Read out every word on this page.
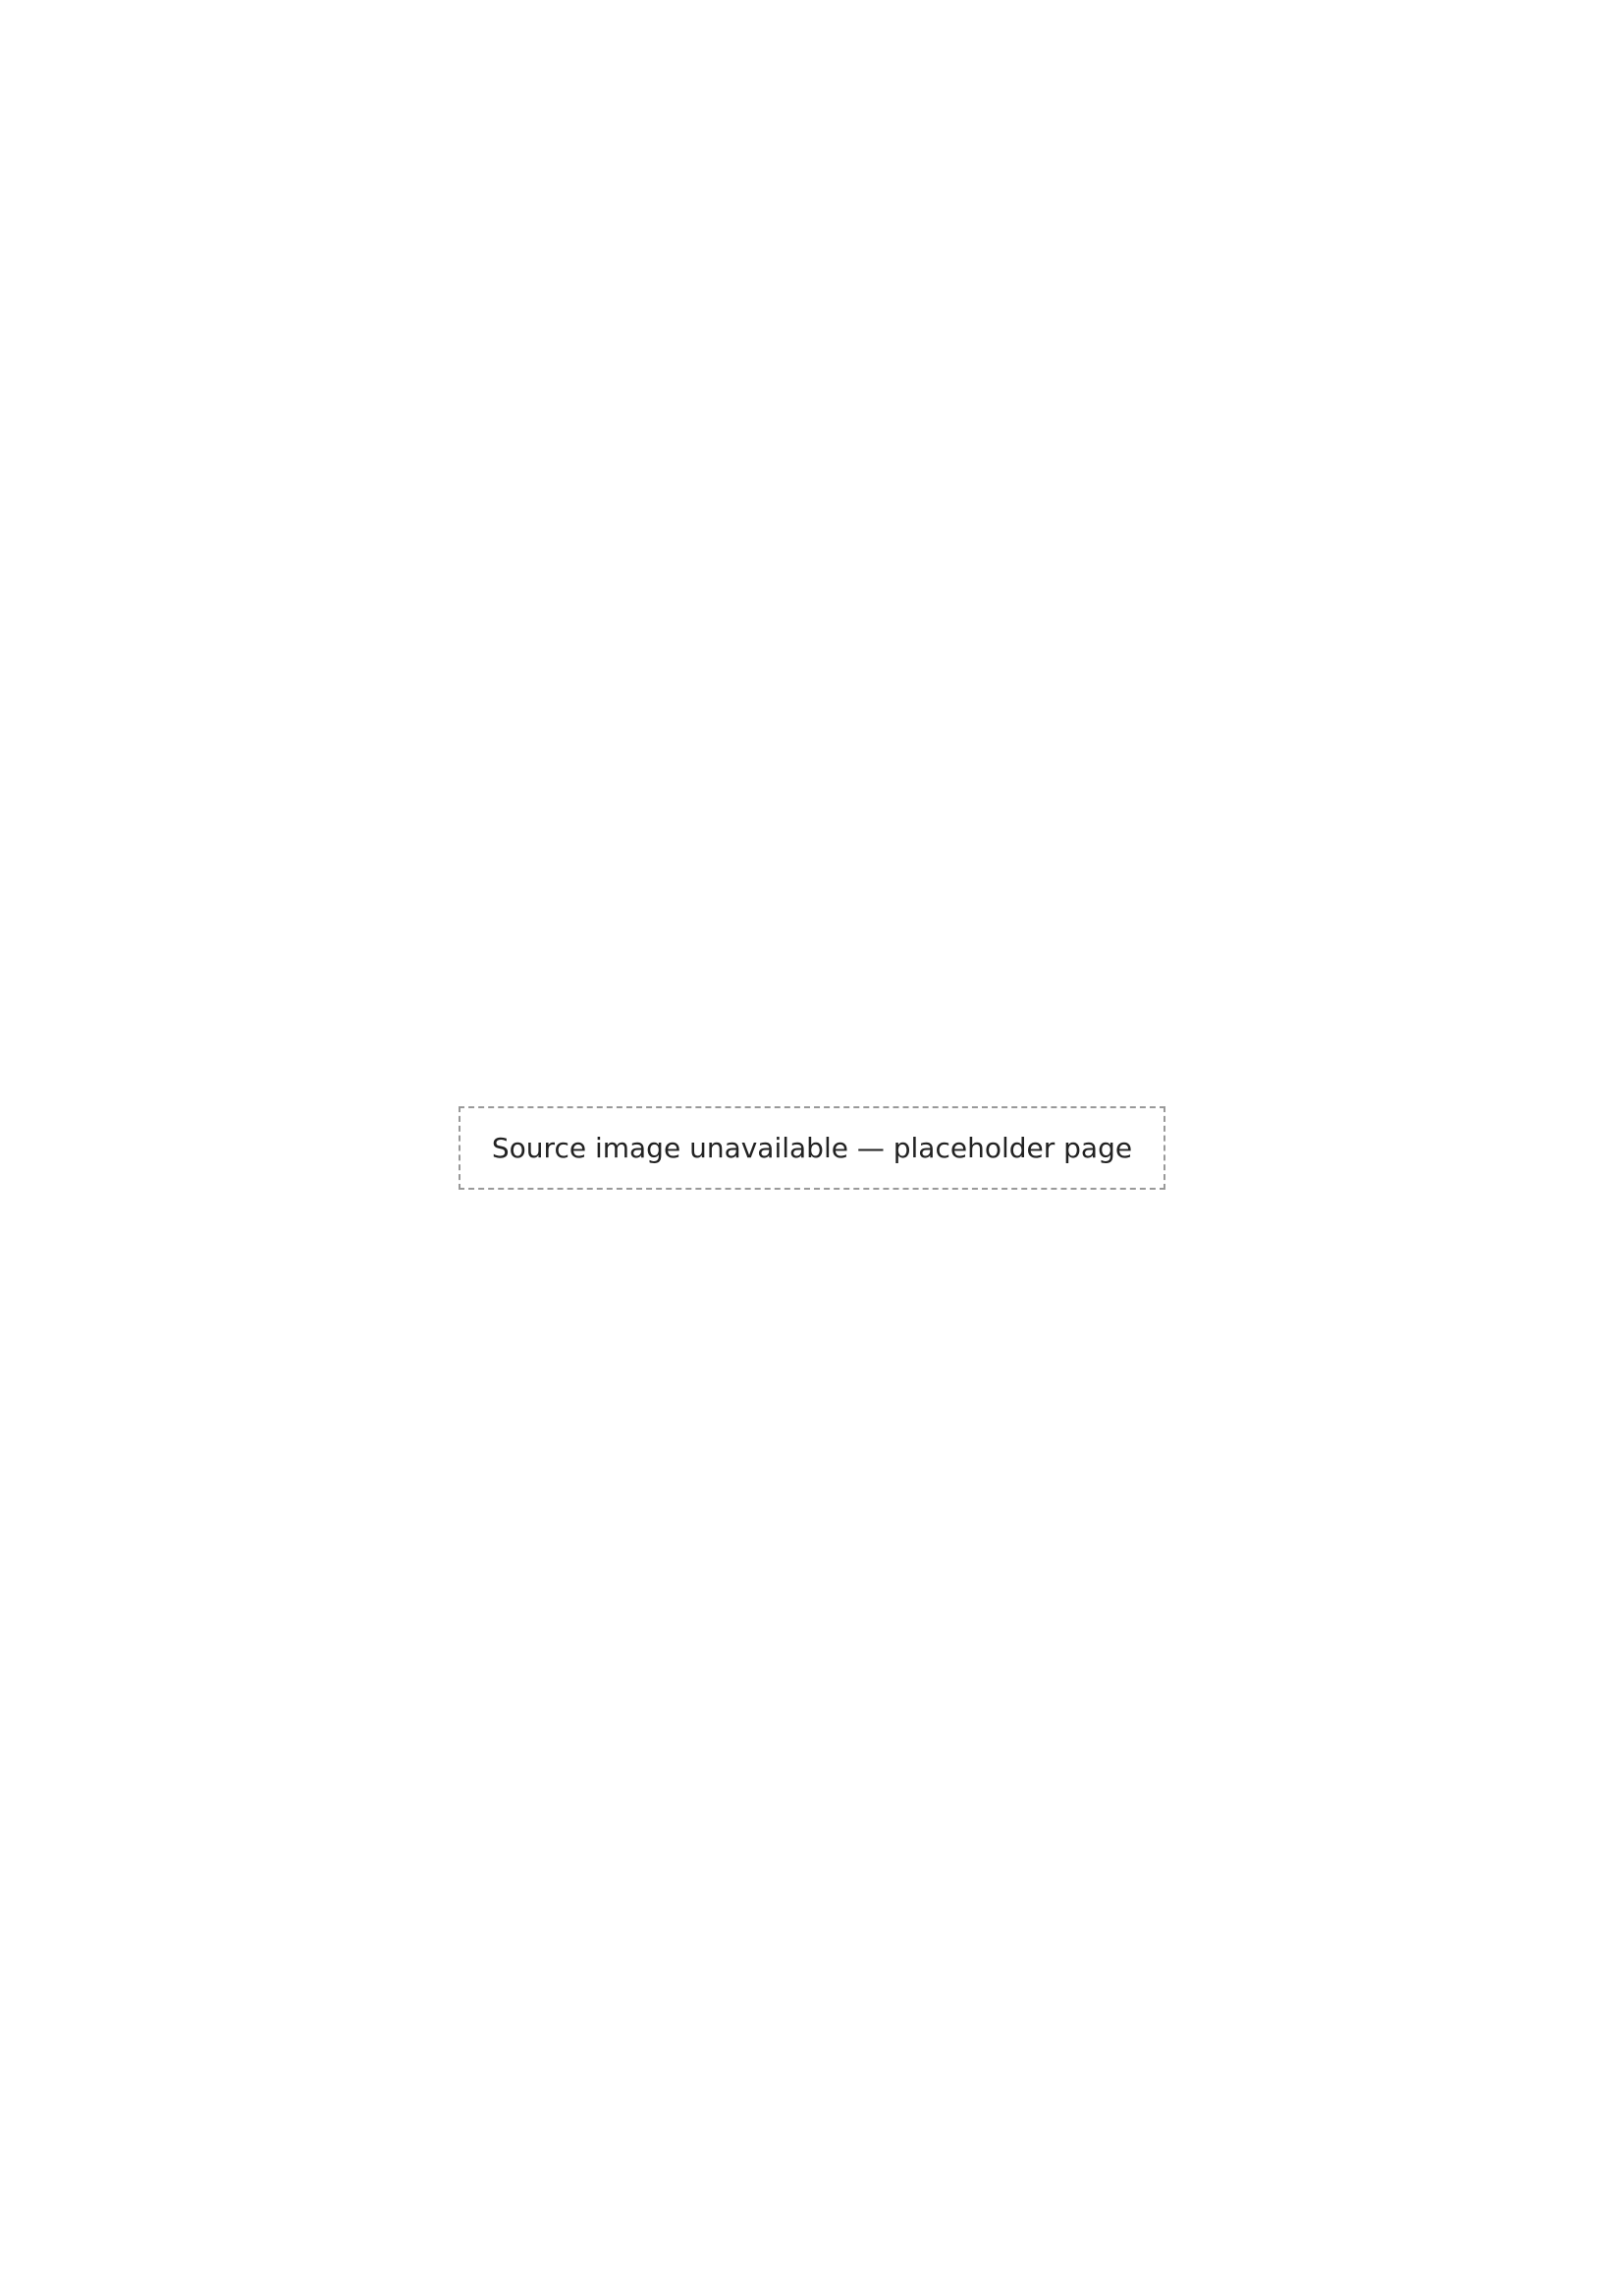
Source image unavailable — placeholder page
